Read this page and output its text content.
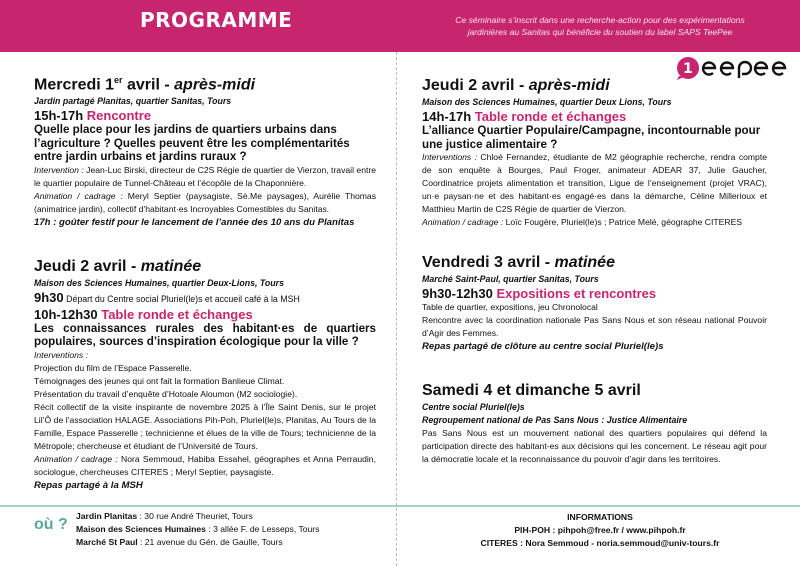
PROGRAMME	Ce séminaire s’inscrit dans une recherche-action pour des expérimentations
jardinières au Sanitas qui bénéficie du soutien du label SAPS TeePee
1
Mercredi 1er avril - après-midi
Jardin partagé Planitas, quartier Sanitas, Tours
15h-17h Rencontre
Quelle place pour les jardins de quartiers urbains dans l’agriculture ? Quelles peuvent être les complémentarités entre jardin urbains et jardins ruraux ?
Intervention : Jean-Luc Birski, directeur de C2S Régie de quartier de Vierzon, travail entre le quartier populaire de Tunnel-Château et l’écopôle de la Chaponnière.
Animation / cadrage : Meryl Septier (paysagiste, Sè.Me paysages), Aurélie Thomas (animatrice jardin), collectif d’habitant·es Incroyables Comestibles du Sanitas.
17h : goûter festif pour le lancement de l’année des 10 ans du Planitas
Jeudi 2 avril - matinée
Maison des Sciences Humaines, quartier Deux-Lions, Tours
9h30 Départ du Centre social Pluriel(le)s et accueil café à la MSH
10h-12h30 Table ronde et échanges
Les connaissances rurales des habitant·es de quartiers populaires, sources d’inspiration écologique pour la ville ?
Interventions :
Projection du film de l’Espace Passerelle.
Témoignages des jeunes qui ont fait la formation Banlieue Climat.
Présentation du travail d’enquête d’Hotoale Aloumon (M2 sociologie).
Récit collectif de la visite inspirante de novembre 2025 à l’Île Saint Denis, sur le projet Lil’Ô de l’association HALAGE. Associations Pih-Poh, Pluriel(le)s, Planitas, Au Tours de la Famille, Espace Passerelle ; technicienne et élues de la ville de Tours; technicienne de la Métropole; chercheuse et étudiant de l’Université de Tours.
Animation / cadrage : Nora Semmoud, Habiba Essahel, géographes et Anna Perraudin, sociologue, chercheuses CITERES ; Meryl Septier, paysagiste.
Repas partagé à la MSH
Jeudi 2 avril - après-midi
Maison des Sciences Humaines, quartier Deux Lions, Tours
14h-17h Table ronde et échanges
L’alliance Quartier Populaire/Campagne, incontournable pour une justice alimentaire ?
Interventions : Chloé Fernandez, étudiante de M2 géographie recherche, rendra compte de son enquête à Bourges, Paul Froger, animateur ADEAR 37, Julie Gaucher, Coordinatrice projets alimentation et transition, Ligue de l’enseignement (projet VRAC), un·e paysan·ne et des habitant·es engagé·es dans la démarche, Céline Millerioux et Matthieu Martin de C2S Régie de quartier de Vierzon.
Animation / cadrage : Loïc Fougère, Pluriel(le)s ; Patrice Melé, géographe CITERES
Vendredi 3 avril - matinée
Marché Saint-Paul, quartier Sanitas, Tours
9h30-12h30 Expositions et rencontres
Table de quartier, expositions, jeu Chronolocal
Rencontre avec la coordination nationale Pas Sans Nous et son réseau national Pouvoir d’Agir des Femmes.
Repas partagé de clôture au centre social Pluriel(le)s
Samedi 4 et dimanche 5 avril
Centre social Pluriel(le)s
Regroupement national de Pas Sans Nous : Justice Alimentaire
Pas Sans Nous est un mouvement national des quartiers populaires qui défend la participation directe des habitant-es aux décisions qui les concernent. Le réseau agit pour la démocratie locale et la reconnaissance du pouvoir d’agir dans les territoires.
où ? Jardin Planitas : 30 rue André Theuriet, Tours
Maison des Sciences Humaines : 3 allée F. de Lesseps, Tours
Marché St Paul : 21 avenue du Gén. de Gaulle, Tours
INFORMATIONS
PIH-POH : pihpoh@free.fr / www.pihpoh.fr
CITERES : Nora Semmoud - noria.semmoud@univ-tours.fr
